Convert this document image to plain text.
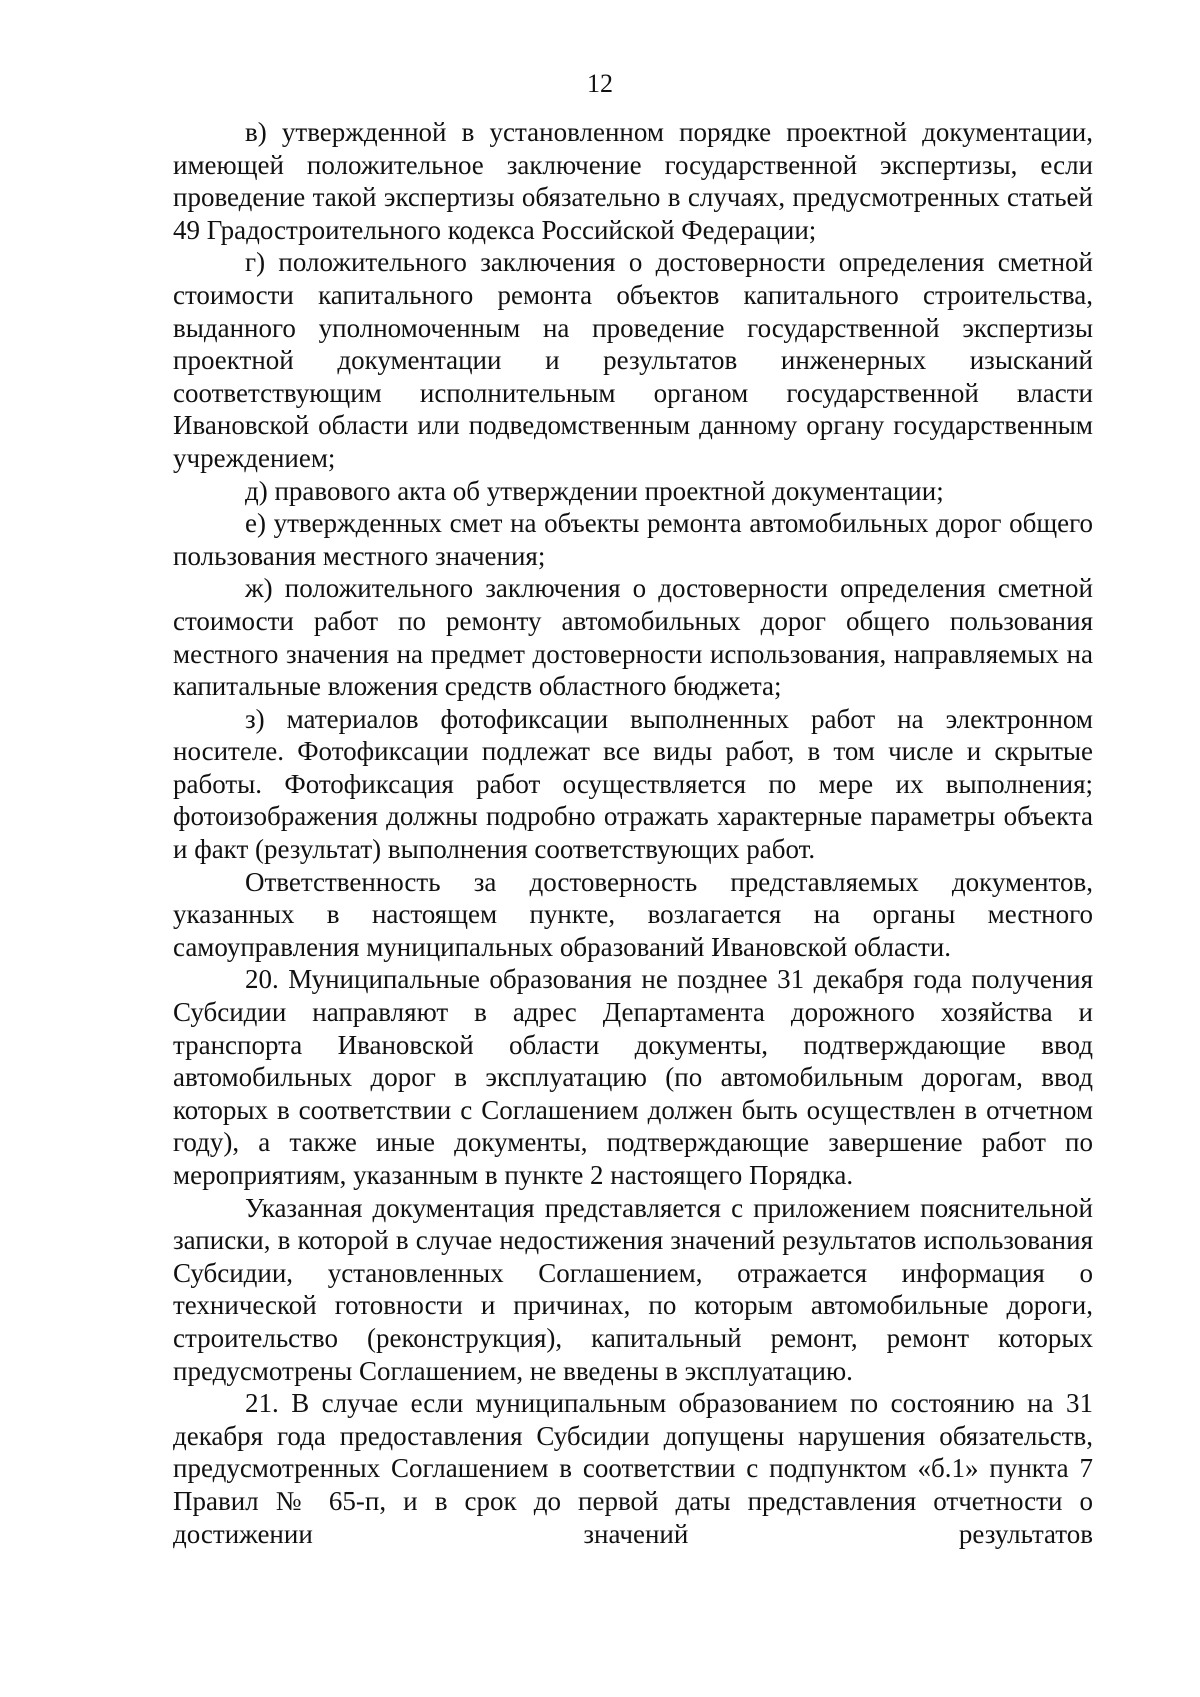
12

в) утвержденной в установленном порядке проектной документации, имеющей положительное заключение государственной экспертизы, если проведение такой экспертизы обязательно в случаях, предусмотренных статьей 49 Градостроительного кодекса Российской Федерации;

г) положительного заключения о достоверности определения сметной стоимости капитального ремонта объектов капитального строительства, выданного уполномоченным на проведение государственной экспертизы проектной документации и результатов инженерных изысканий соответствующим исполнительным органом государственной власти Ивановской области или подведомственным данному органу государственным учреждением;

д) правового акта об утверждении проектной документации;

е) утвержденных смет на объекты ремонта автомобильных дорог общего пользования местного значения;

ж) положительного заключения о достоверности определения сметной стоимости работ по ремонту автомобильных дорог общего пользования местного значения на предмет достоверности использования, направляемых на капитальные вложения средств областного бюджета;

з) материалов фотофиксации выполненных работ на электронном носителе. Фотофиксации подлежат все виды работ, в том числе и скрытые работы. Фотофиксация работ осуществляется по мере их выполнения; фотоизображения должны подробно отражать характерные параметры объекта и факт (результат) выполнения соответствующих работ.

Ответственность за достоверность представляемых документов, указанных в настоящем пункте, возлагается на органы местного самоуправления муниципальных образований Ивановской области.

20. Муниципальные образования не позднее 31 декабря года получения Субсидии направляют в адрес Департамента дорожного хозяйства и транспорта Ивановской области документы, подтверждающие ввод автомобильных дорог в эксплуатацию (по автомобильным дорогам, ввод которых в соответствии с Соглашением должен быть осуществлен в отчетном году), а также иные документы, подтверждающие завершение работ по мероприятиям, указанным в пункте 2 настоящего Порядка.

Указанная документация представляется с приложением пояснительной записки, в которой в случае недостижения значений результатов использования Субсидии, установленных Соглашением, отражается информация о технической готовности и причинах, по которым автомобильные дороги, строительство (реконструкция), капитальный ремонт, ремонт которых предусмотрены Соглашением, не введены в эксплуатацию.

21. В случае если муниципальным образованием по состоянию на 31 декабря года предоставления Субсидии допущены нарушения обязательств, предусмотренных Соглашением в соответствии с подпунктом «б.1» пункта 7 Правил № 65-п, и в срок до первой даты представления отчетности о достижении значений результатов
